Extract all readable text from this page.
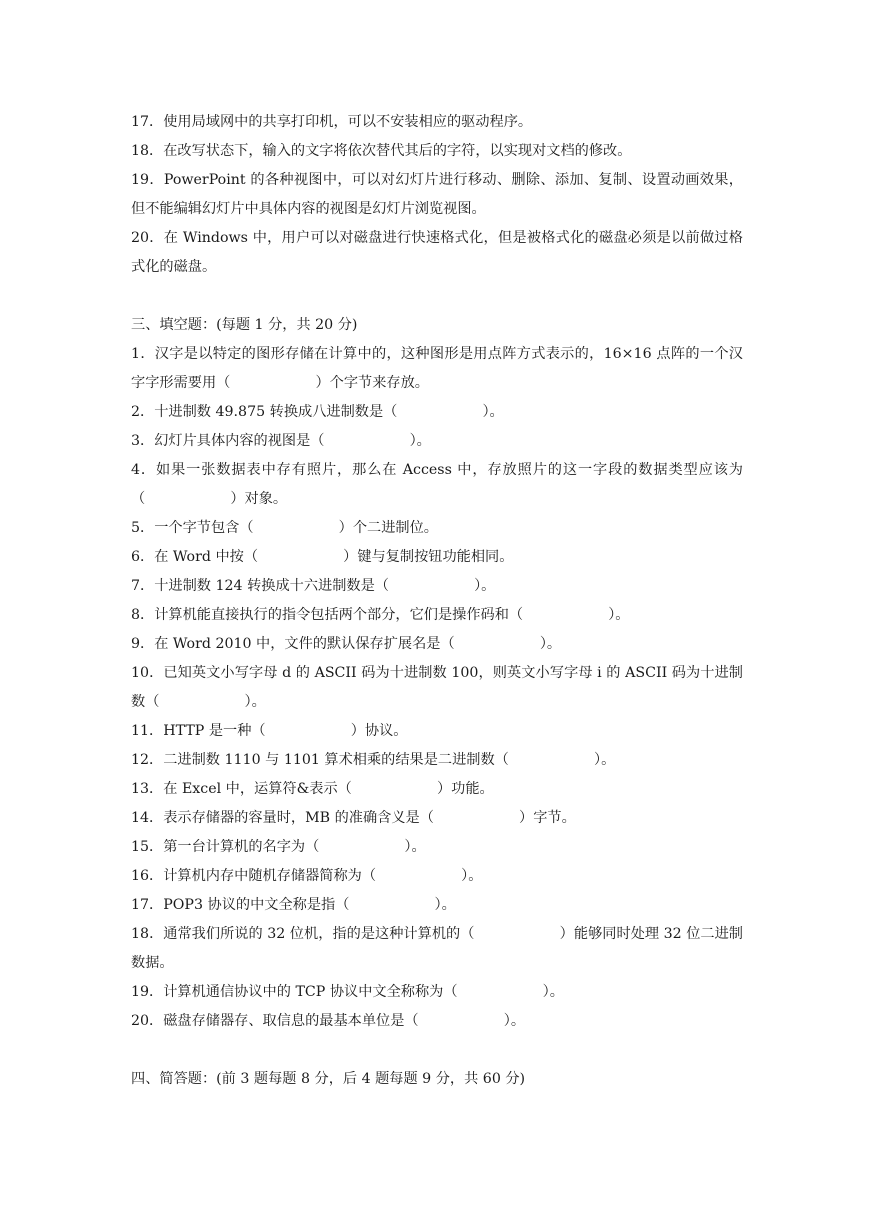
17．使用局域网中的共享打印机，可以不安装相应的驱动程序。

18．在改写状态下，输入的文字将依次替代其后的字符，以实现对文档的修改。

19．PowerPoint 的各种视图中，可以对幻灯片进行移动、删除、添加、复制、设置动画效果，但不能编辑幻灯片中具体内容的视图是幻灯片浏览视图。

20．在 Windows 中，用户可以对磁盘进行快速格式化，但是被格式化的磁盘必须是以前做过格式化的磁盘。

三、填空题：(每题 1 分，共 20 分)

1．汉字是以特定的图形存储在计算中的，这种图形是用点阵方式表示的，16×16 点阵的一个汉字字形需要用（　　　　　　）个字节来存放。

2．十进制数 49.875 转换成八进制数是（　　　　　　）。

3．幻灯片具体内容的视图是（　　　　　　）。

4．如果一张数据表中存有照片，那么在 Access 中，存放照片的这一字段的数据类型应该为（　　　　　　）对象。

5．一个字节包含（　　　　　　）个二进制位。

6．在 Word 中按（　　　　　　）键与复制按钮功能相同。

7．十进制数 124 转换成十六进制数是（　　　　　　）。

8．计算机能直接执行的指令包括两个部分，它们是操作码和（　　　　　　）。

9．在 Word 2010 中，文件的默认保存扩展名是（　　　　　　）。

10．已知英文小写字母 d 的 ASCII 码为十进制数 100，则英文小写字母 i 的 ASCII 码为十进制数（　　　　　　）。

11．HTTP 是一种（　　　　　　）协议。

12．二进制数 1110 与 1101 算术相乘的结果是二进制数（　　　　　　）。

13．在 Excel 中，运算符&表示（　　　　　　）功能。

14．表示存储器的容量时，MB 的准确含义是（　　　　　　）字节。

15．第一台计算机的名字为（　　　　　　）。

16．计算机内存中随机存储器简称为（　　　　　　）。

17．POP3 协议的中文全称是指（　　　　　　）。

18．通常我们所说的 32 位机，指的是这种计算机的（　　　　　　）能够同时处理 32 位二进制数据。

19．计算机通信协议中的 TCP 协议中文全称称为（　　　　　　）。

20．磁盘存储器存、取信息的最基本单位是（　　　　　　）。

四、简答题：(前 3 题每题 8 分，后 4 题每题 9 分，共 60 分)
